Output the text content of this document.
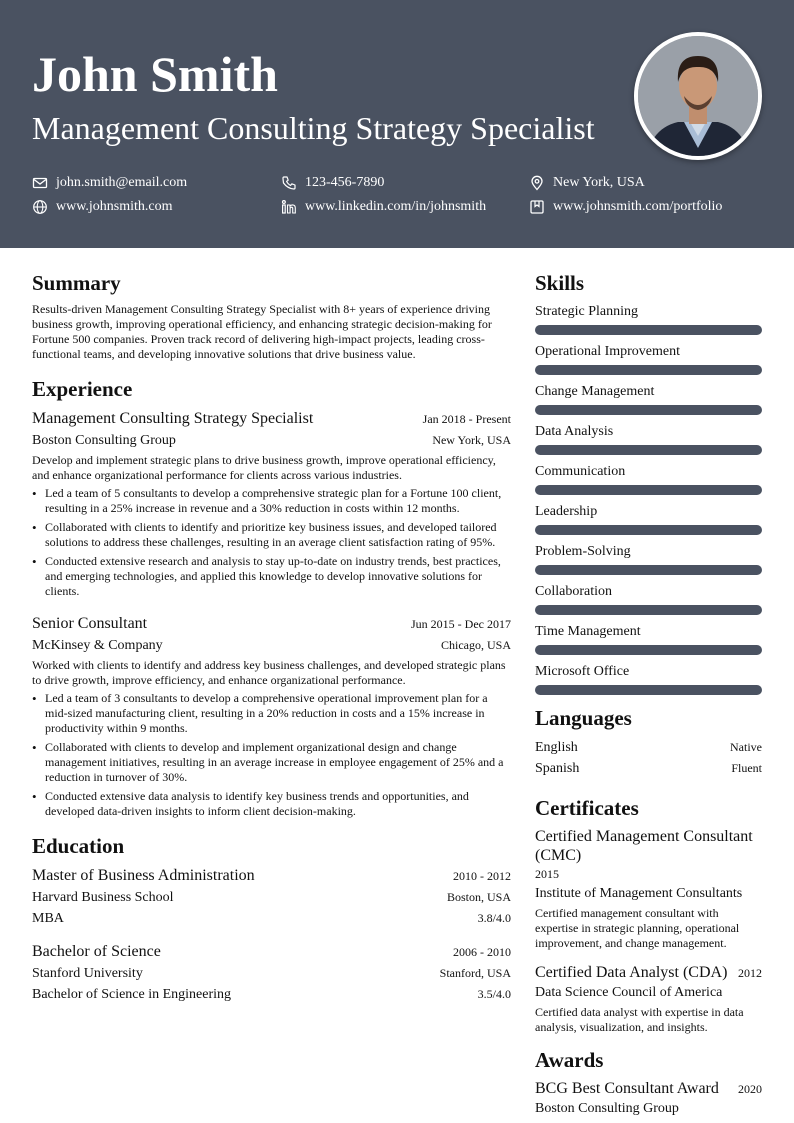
John Smith
Management Consulting Strategy Specialist
john.smith@email.com	123-456-7890	New York, USA
www.johnsmith.com	www.linkedin.com/in/johnsmith	www.johnsmith.com/portfolio
Summary

Results-driven Management Consulting Strategy Specialist with 8+ years of experience driving business growth, improving operational efficiency, and enhancing strategic decision-making for Fortune 500 companies. Proven track record of delivering high-impact projects, leading cross-functional teams, and developing innovative solutions that drive business value.

Experience
Management Consulting Strategy Specialist	Jan 2018 - Present
Boston Consulting Group	New York, USA

Develop and implement strategic plans to drive business growth, improve operational efficiency, and enhance organizational performance for clients across various industries.

• Led a team of 5 consultants to develop a comprehensive strategic plan for a Fortune 100 client, resulting in a 25% increase in revenue and a 30% reduction in costs within 12 months.
• Collaborated with clients to identify and prioritize key business issues, and developed tailored solutions to address these challenges, resulting in an average client satisfaction rating of 95%.
• Conducted extensive research and analysis to stay up-to-date on industry trends, best practices, and emerging technologies, and applied this knowledge to develop innovative solutions for clients.
Senior Consultant	Jun 2015 - Dec 2017
McKinsey & Company	Chicago, USA

Worked with clients to identify and address key business challenges, and developed strategic plans to drive growth, improve efficiency, and enhance organizational performance.

• Led a team of 3 consultants to develop a comprehensive operational improvement plan for a mid-sized manufacturing client, resulting in a 20% reduction in costs and a 15% increase in productivity within 9 months.
• Collaborated with clients to develop and implement organizational design and change management initiatives, resulting in an average increase in employee engagement of 25% and a reduction in turnover of 30%.
• Conducted extensive data analysis to identify key business trends and opportunities, and developed data-driven insights to inform client decision-making.
Education
Master of Business Administration	2010 - 2012
Harvard Business School	Boston, USA
MBA	3.8/4.0
Bachelor of Science	2006 - 2010
Stanford University	Stanford, USA
Bachelor of Science in Engineering	3.5/4.0
Skills
Strategic Planning
Operational Improvement
Change Management
Data Analysis
Communication
Leadership
Problem-Solving
Collaboration
Time Management
Microsoft Office
Languages
English	Native
Spanish	Fluent
Certificates
Certified Management Consultant (CMC)
2015
Institute of Management Consultants
Certified management consultant with expertise in strategic planning, operational improvement, and change management.
Certified Data Analyst (CDA) 2012
Data Science Council of America
Certified data analyst with expertise in data analysis, visualization, and insights.
Awards
BCG Best Consultant Award 2020
Boston Consulting Group
